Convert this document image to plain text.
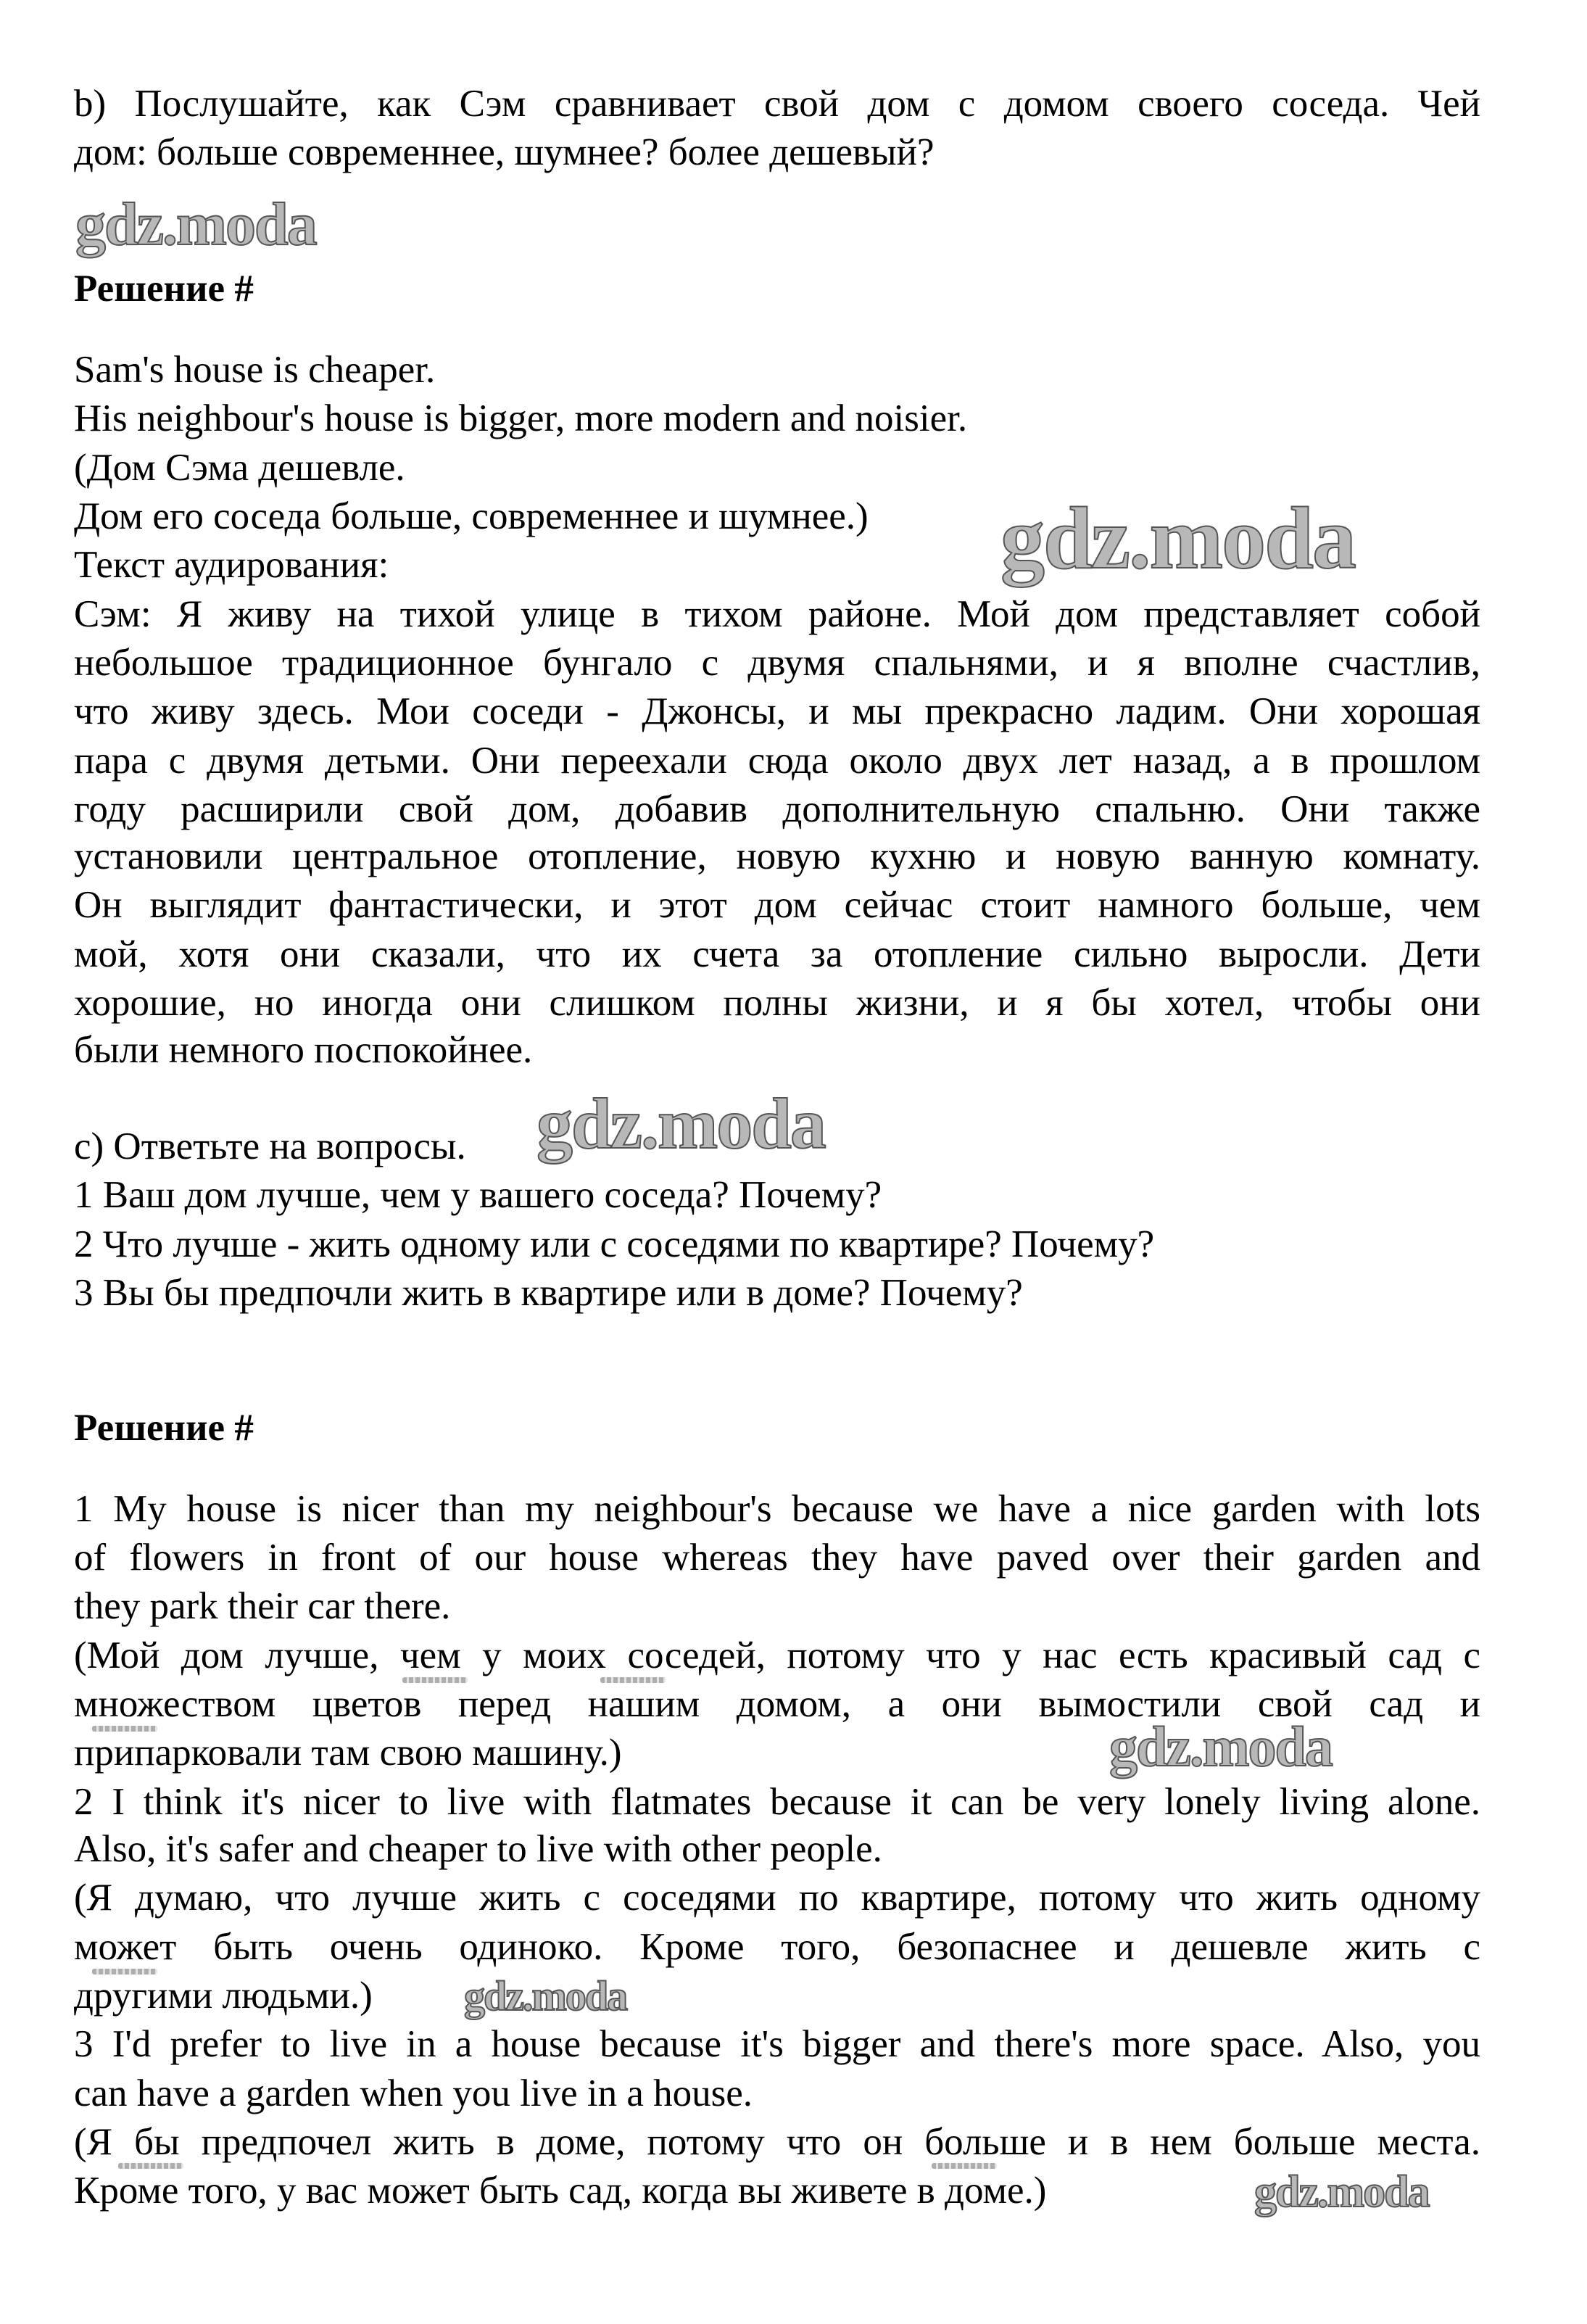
b) Послушайте, как Сэм сравнивает свой дом с домом своего соседа. Чей
дом: больше современнее, шумнее? более дешевый?
Решение #
Sam's house is cheaper.
His neighbour's house is bigger, more modern and noisier.
(Дом Сэма дешевле.
Дом его соседа больше, современнее и шумнее.)
Текст аудирования:
Сэм: Я живу на тихой улице в тихом районе. Мой дом представляет собой
небольшое традиционное бунгало с двумя спальнями, и я вполне счастлив,
что живу здесь. Мои соседи - Джонсы, и мы прекрасно ладим. Они хорошая
пара с двумя детьми. Они переехали сюда около двух лет назад, а в прошлом
году расширили свой дом, добавив дополнительную спальню. Они также
установили центральное отопление, новую кухню и новую ванную комнату.
Он выглядит фантастически, и этот дом сейчас стоит намного больше, чем
мой, хотя они сказали, что их счета за отопление сильно выросли. Дети
хорошие, но иногда они слишком полны жизни, и я бы хотел, чтобы они
были немного поспокойнее.
c) Ответьте на вопросы.
1 Ваш дом лучше, чем у вашего соседа? Почему?
2 Что лучше - жить одному или с соседями по квартире? Почему?
3 Вы бы предпочли жить в квартире или в доме? Почему?
Решение #
1 My house is nicer than my neighbour's because we have a nice garden with lots
of flowers in front of our house whereas they have paved over their garden and
they park their car there.
(Мой дом лучше, чем у моих соседей, потому что у нас есть красивый сад с
множеством цветов перед нашим домом, а они вымостили свой сад и
припарковали там свою машину.)
2 I think it's nicer to live with flatmates because it can be very lonely living alone.
Also, it's safer and cheaper to live with other people.
(Я думаю, что лучше жить с соседями по квартире, потому что жить одному
может быть очень одиноко. Кроме того, безопаснее и дешевле жить с
другими людьми.)
3 I'd prefer to live in a house because it's bigger and there's more space. Also, you
can have a garden when you live in a house.
(Я бы предпочел жить в доме, потому что он больше и в нем больше места.
Кроме того, у вас может быть сад, когда вы живете в доме.)
gdz.moda
gdz.moda
gdz.moda
gdz.moda
gdz.moda
gdz.moda
